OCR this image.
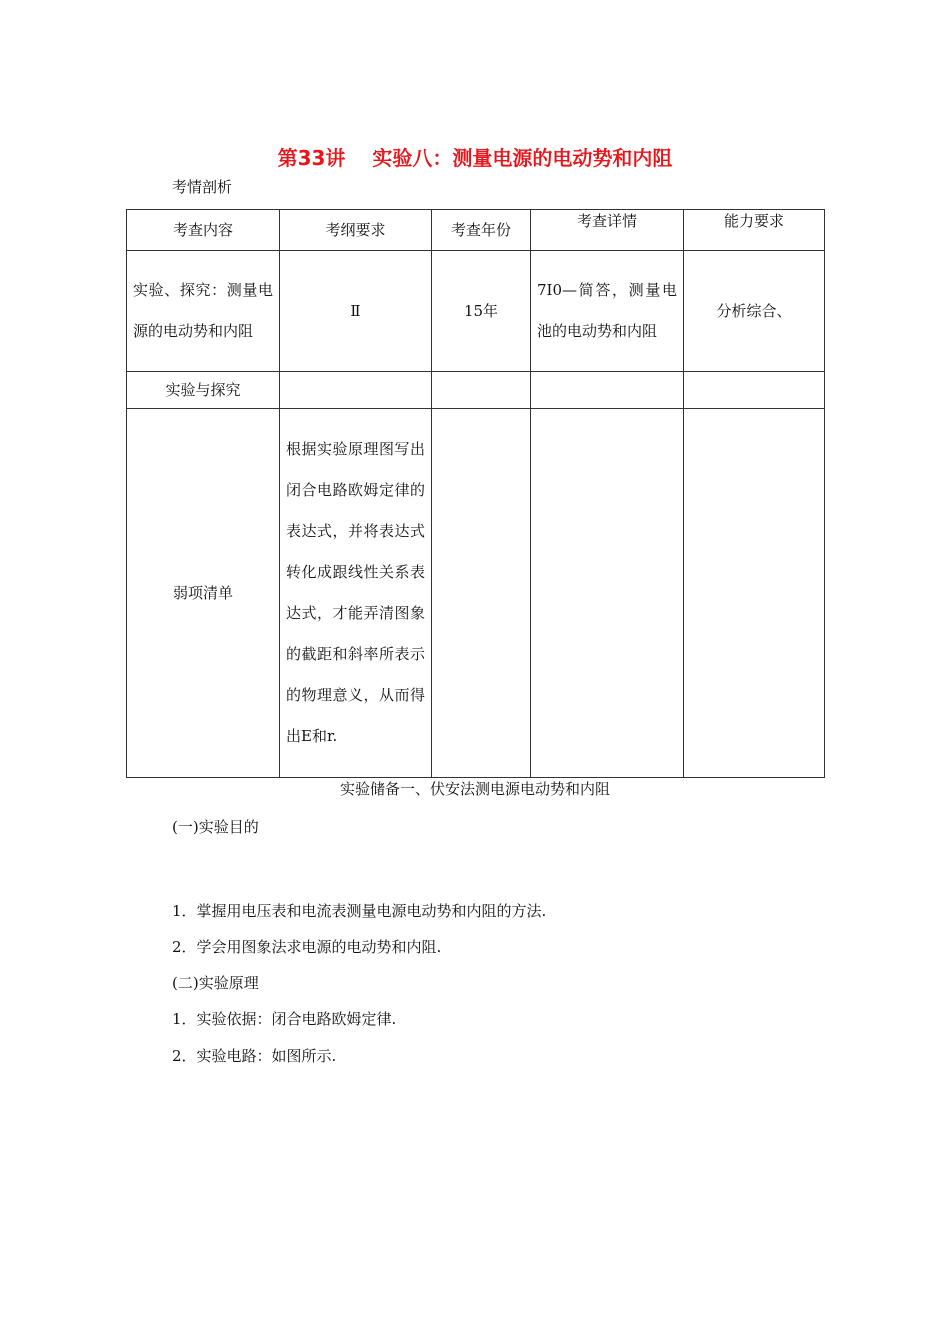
第33讲　 实验八：测量电源的电动势和内阻
考情剖析
考查内容	考纲要求	考查年份	考查详情	能力要求

实验、探究：测量电源的电动势和内阻	Ⅱ	15年	7I0—简答，测量电池的电动势和内阻	分析综合、
实验与探究				
弱项清单	根据实验原理图写出闭合电路欧姆定律的表达式，并将表达式转化成跟线性关系表达式，才能弄清图象的截距和斜率所表示的物理意义，从而得出E和r.			

实验储备一、伏安法测电源电动势和内阻
(一)实验目的
1．掌握用电压表和电流表测量电源电动势和内阻的方法.
2．学会用图象法求电源的电动势和内阻.
(二)实验原理
1．实验依据：闭合电路欧姆定律.
2．实验电路：如图所示.
